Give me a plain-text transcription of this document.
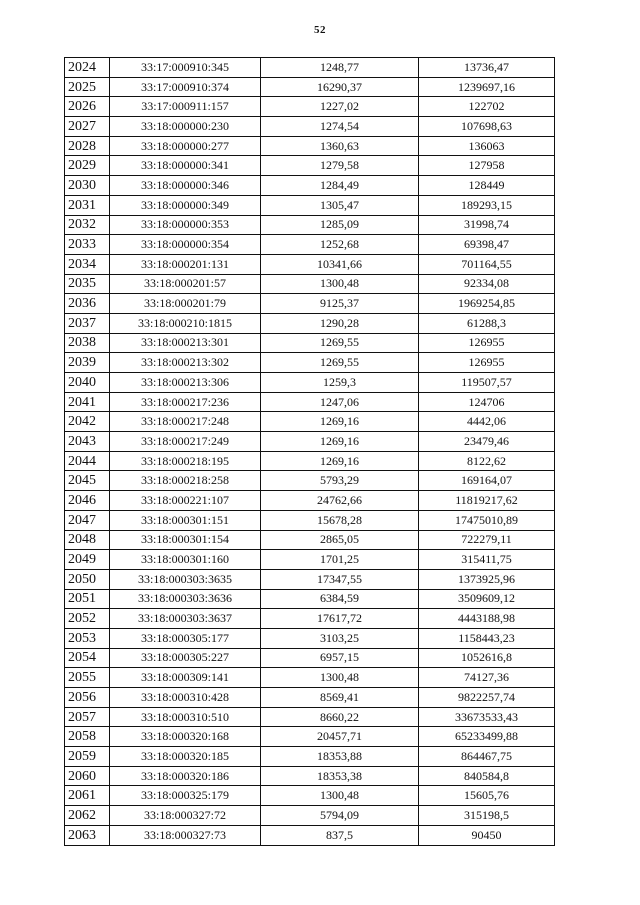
52
2024	33:17:000910:345	1248,77	13736,47
2025	33:17:000910:374	16290,37	1239697,16
2026	33:17:000911:157	1227,02	122702
2027	33:18:000000:230	1274,54	107698,63
2028	33:18:000000:277	1360,63	136063
2029	33:18:000000:341	1279,58	127958
2030	33:18:000000:346	1284,49	128449
2031	33:18:000000:349	1305,47	189293,15
2032	33:18:000000:353	1285,09	31998,74
2033	33:18:000000:354	1252,68	69398,47
2034	33:18:000201:131	10341,66	701164,55
2035	33:18:000201:57	1300,48	92334,08
2036	33:18:000201:79	9125,37	1969254,85
2037	33:18:000210:1815	1290,28	61288,3
2038	33:18:000213:301	1269,55	126955
2039	33:18:000213:302	1269,55	126955
2040	33:18:000213:306	1259,3	119507,57
2041	33:18:000217:236	1247,06	124706
2042	33:18:000217:248	1269,16	4442,06
2043	33:18:000217:249	1269,16	23479,46
2044	33:18:000218:195	1269,16	8122,62
2045	33:18:000218:258	5793,29	169164,07
2046	33:18:000221:107	24762,66	11819217,62
2047	33:18:000301:151	15678,28	17475010,89
2048	33:18:000301:154	2865,05	722279,11
2049	33:18:000301:160	1701,25	315411,75
2050	33:18:000303:3635	17347,55	1373925,96
2051	33:18:000303:3636	6384,59	3509609,12
2052	33:18:000303:3637	17617,72	4443188,98
2053	33:18:000305:177	3103,25	1158443,23
2054	33:18:000305:227	6957,15	1052616,8
2055	33:18:000309:141	1300,48	74127,36
2056	33:18:000310:428	8569,41	9822257,74
2057	33:18:000310:510	8660,22	33673533,43
2058	33:18:000320:168	20457,71	65233499,88
2059	33:18:000320:185	18353,88	864467,75
2060	33:18:000320:186	18353,38	840584,8
2061	33:18:000325:179	1300,48	15605,76
2062	33:18:000327:72	5794,09	315198,5
2063	33:18:000327:73	837,5	90450
